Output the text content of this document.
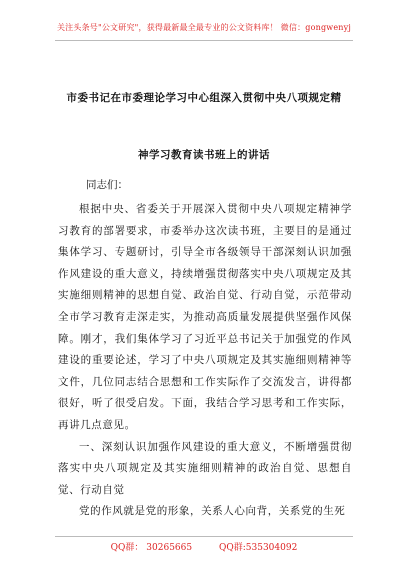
关注头条号"公文研究"，获得最新最全最专业的公文资料库！ 微信：gongwenyj
市委书记在市委理论学习中心组深入贯彻中央八项规定精
神学习教育读书班上的讲话
同志们：

根据中央、省委关于开展深入贯彻中央八项规定精神学习教育的部署要求，市委举办这次读书班，主要目的是通过集体学习、专题研讨，引导全市各级领导干部深刻认识加强作风建设的重大意义，持续增强贯彻落实中央八项规定及其实施细则精神的思想自觉、政治自觉、行动自觉，示范带动全市学习教育走深走实，为推动高质量发展提供坚强作风保障。刚才，我们集体学习了习近平总书记关于加强党的作风建设的重要论述，学习了中央八项规定及其实施细则精神等文件，几位同志结合思想和工作实际作了交流发言，讲得都很好，听了很受启发。下面，我结合学习思考和工作实际，再讲几点意见。

一、深刻认识加强作风建设的重大意义，不断增强贯彻落实中央八项规定及其实施细则精神的政治自觉、思想自觉、行动自觉

党的作风就是党的形象，关系人心向背，关系党的生死

QQ群： 30265665	QQ群:535304092
